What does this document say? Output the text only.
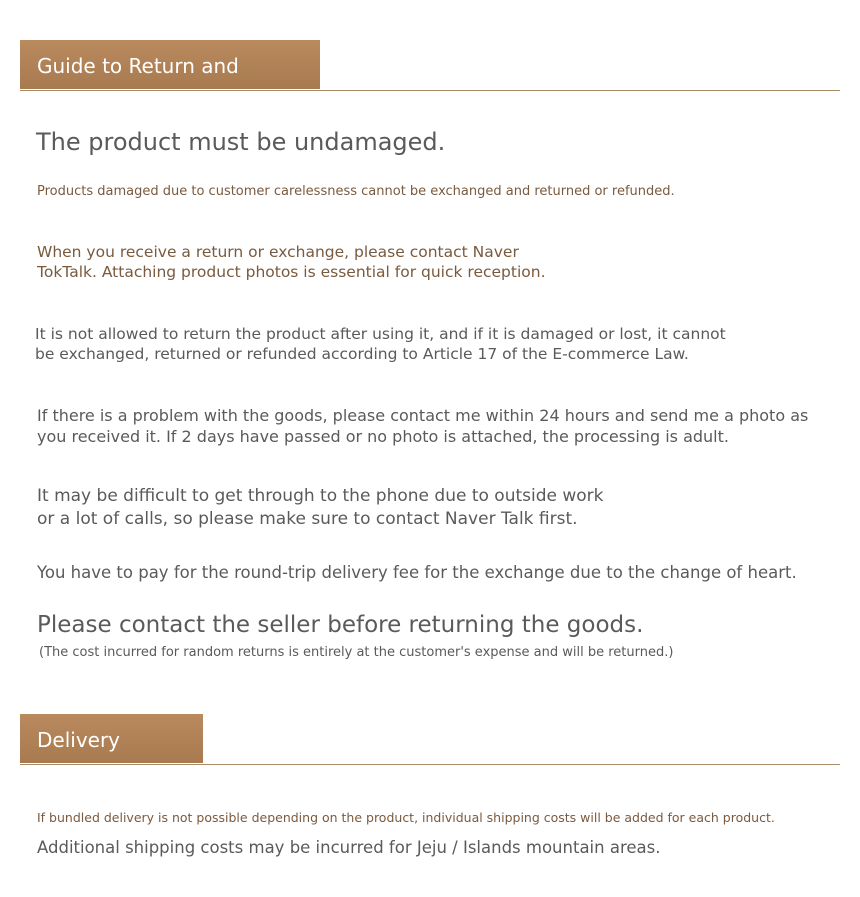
Guide to Return and Exchange

The product must be undamaged.

Products damaged due to customer carelessness cannot be exchanged and returned or refunded.

When you receive a return or exchange, please contact Naver
TokTalk. Attaching product photos is essential for quick reception.
It is not allowed to return the product after using it, and if it is damaged or lost, it cannot
be exchanged, returned or refunded according to Article 17 of the E-commerce Law.
If there is a problem with the goods, please contact me within 24 hours and send me a photo as
you received it. If 2 days have passed or no photo is attached, the processing is adult.
It may be difficult to get through to the phone due to outside work
or a lot of calls, so please make sure to contact Naver Talk first.

You have to pay for the round-trip delivery fee for the exchange due to the change of heart.

Please contact the seller before returning the goods.

(The cost incurred for random returns is entirely at the customer's expense and will be returned.)

Delivery Notice

If bundled delivery is not possible depending on the product, individual shipping costs will be added for each product.

Additional shipping costs may be incurred for Jeju / Islands mountain areas.
